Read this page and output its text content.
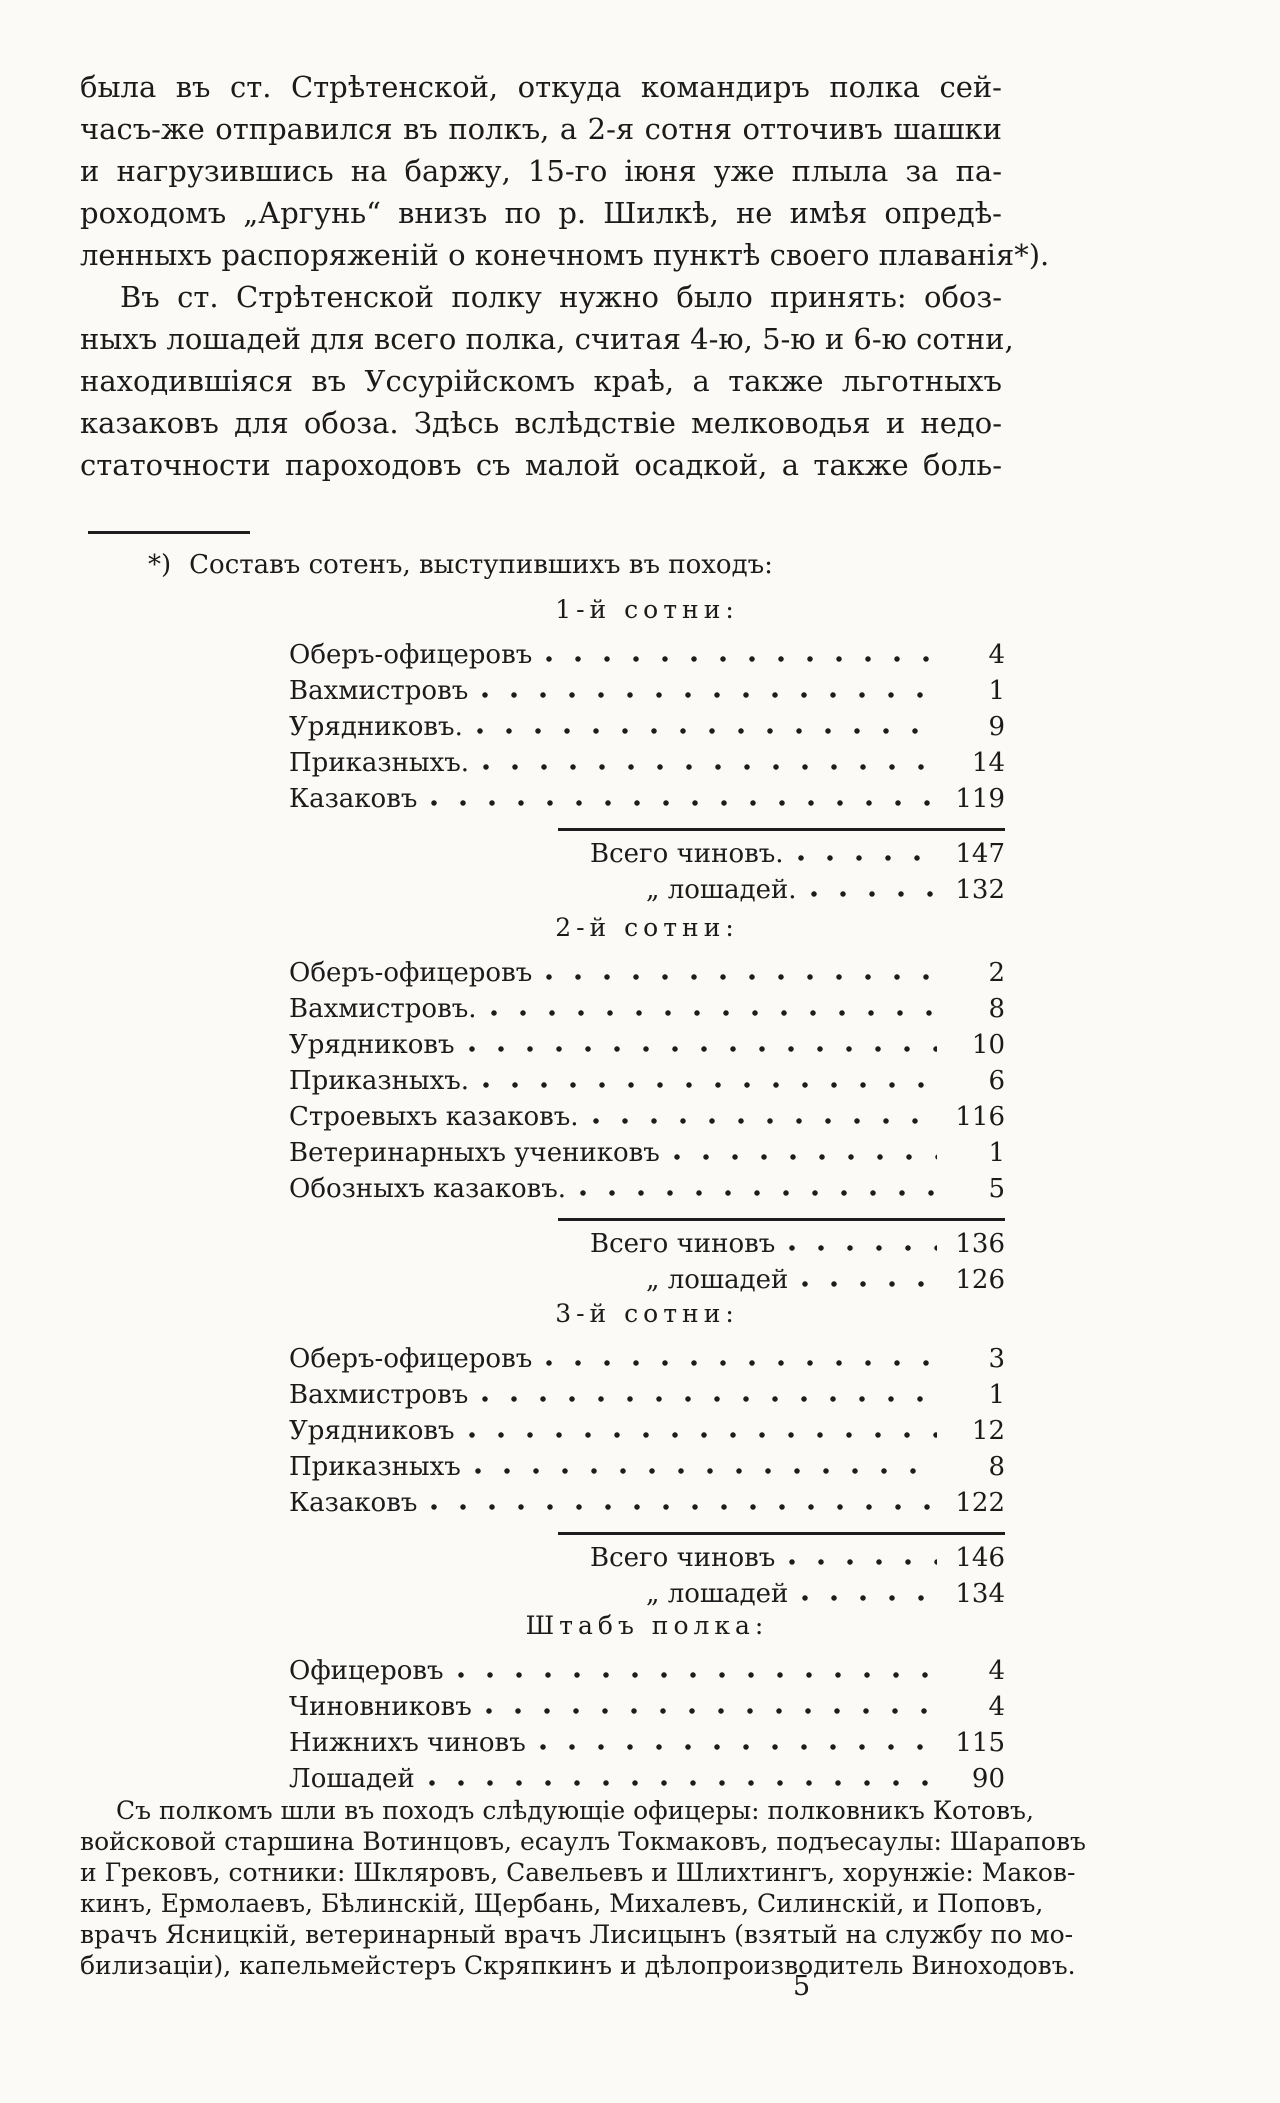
была въ ст. Стрѣтенской, откуда командиръ полка сей-

часъ-же отправился въ полкъ, а 2-я сотня отточивъ шашки

и нагрузившись на баржу, 15-го іюня уже плыла за па-

роходомъ „Аргунь“ внизъ по р. Шилкѣ, не имѣя опредѣ-

ленныхъ распоряженій о конечномъ пунктѣ своего плаванія*).

Въ ст. Стрѣтенской полку нужно было принять: обоз-

ныхъ лошадей для всего полка, считая 4-ю, 5-ю и 6-ю сотни,

находившіяся въ Уссурійскомъ краѣ, а также льготныхъ

казаковъ для обоза. Здѣсь вслѣдствіе мелководья и недо-

статочности пароходовъ съ малой осадкой, а также боль-

*) Составъ сотенъ, выступившихъ въ походъ:
1-й сотни:
Оберъ-офицеровъ	4
Вахмистровъ	1
Урядниковъ.	9
Приказныхъ.	14
Казаковъ	119
Всего чиновъ.	147
„ лошадей.	132
2-й сотни:
Оберъ-офицеровъ	2
Вахмистровъ.	8
Урядниковъ	10
Приказныхъ.	6
Строевыхъ казаковъ.	116
Ветеринарныхъ учениковъ	1
Обозныхъ казаковъ.	5
Всего чиновъ	136
„ лошадей	126
3-й сотни:
Оберъ-офицеровъ	3
Вахмистровъ	1
Урядниковъ	12
Приказныхъ	8
Казаковъ	122
Всего чиновъ	146
„ лошадей	134
Штабъ полка:
Офицеровъ	4
Чиновниковъ	4
Нижнихъ чиновъ	115
Лошадей	90

Съ полкомъ шли въ походъ слѣдующіе офицеры: полковникъ Котовъ,

войсковой старшина Вотинцовъ, есаулъ Токмаковъ, подъесаулы: Шараповъ

и Грековъ, сотники: Шкляровъ, Савельевъ и Шлихтингъ, хорунжіе: Маков-

кинъ, Ермолаевъ, Бѣлинскій, Щербань, Михалевъ, Силинскій, и Поповъ,

врачъ Ясницкій, ветеринарный врачъ Лисицынъ (взятый на службу по мо-

билизаціи), капельмейстеръ Скряпкинъ и дѣлопроизводитель Виноходовъ.

5
